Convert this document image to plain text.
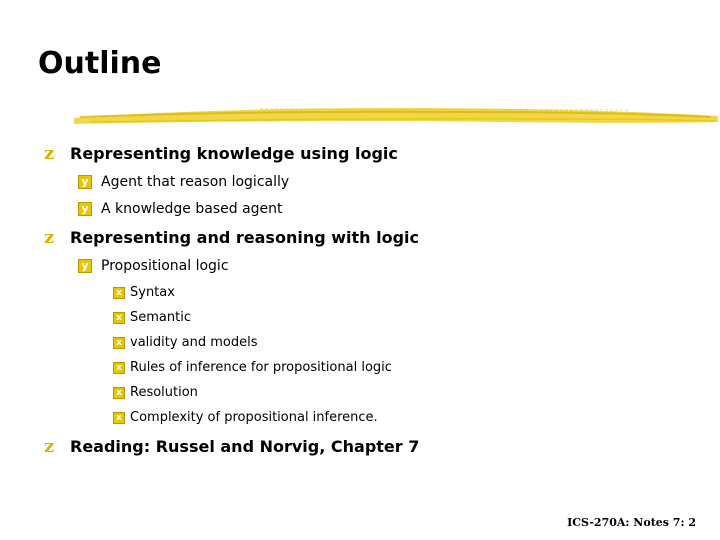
Outline
z Representing knowledge using logic
y Agent that reason logically
y A knowledge based agent
z Representing and reasoning with logic
y Propositional logic
x Syntax
x Semantic
x validity and models
x Rules of inference for propositional logic
x Resolution
x Complexity of propositional inference.
z Reading: Russel and Norvig, Chapter 7
ICS-270A: Notes 7: 2
